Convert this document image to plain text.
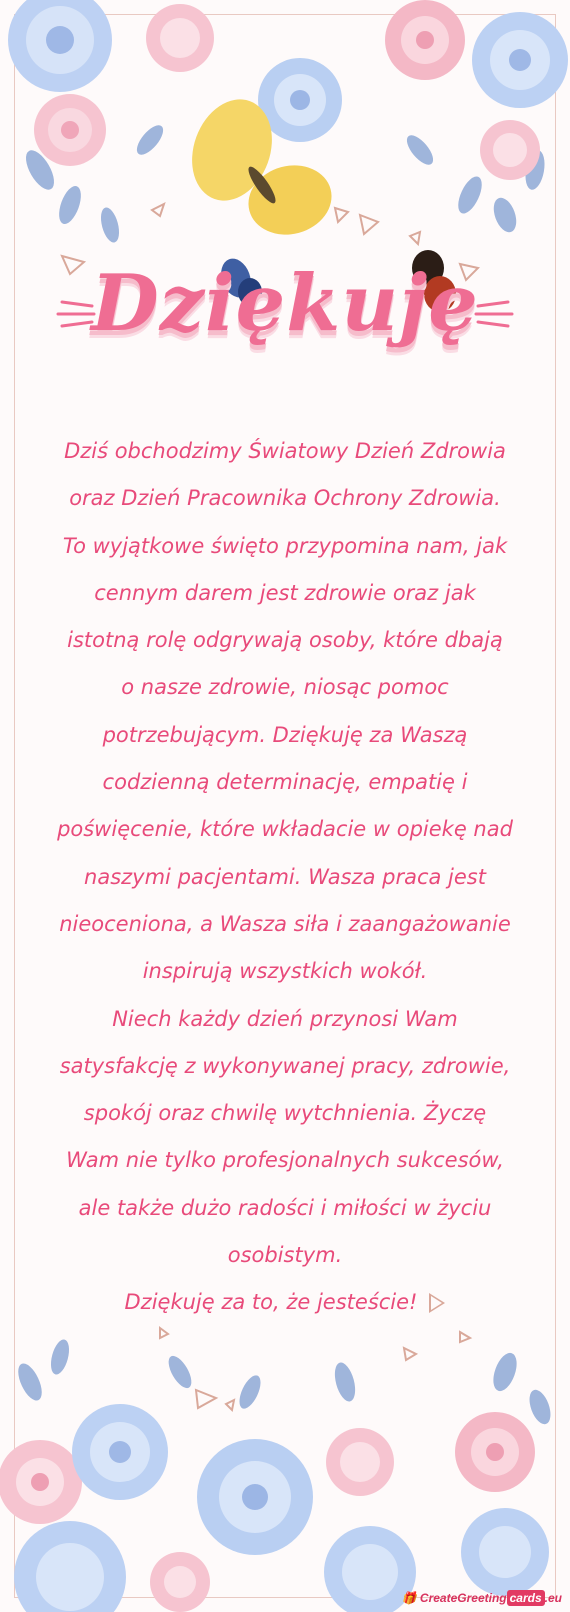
Dziękuję

Dziś obchodzimy Światowy Dzień Zdrowia

oraz Dzień Pracownika Ochrony Zdrowia.

To wyjątkowe święto przypomina nam, jak

cennym darem jest zdrowie oraz jak

istotną rolę odgrywają osoby, które dbają

o nasze zdrowie, niosąc pomoc

potrzebującym. Dziękuję za Waszą

codzienną determinację, empatię i

poświęcenie, które wkładacie w opiekę nad

naszymi pacjentami. Wasza praca jest

nieoceniona, a Wasza siła i zaangażowanie

inspirują wszystkich wokół.

Niech każdy dzień przynosi Wam

satysfakcję z wykonywanej pracy, zdrowie,

spokój oraz chwilę wytchnienia. Życzę

Wam nie tylko profesjonalnych sukcesów,

ale także dużo radości i miłości w życiu

osobistym.

Dziękuję za to, że jesteście!

🎁 CreateGreeting cards .eu
